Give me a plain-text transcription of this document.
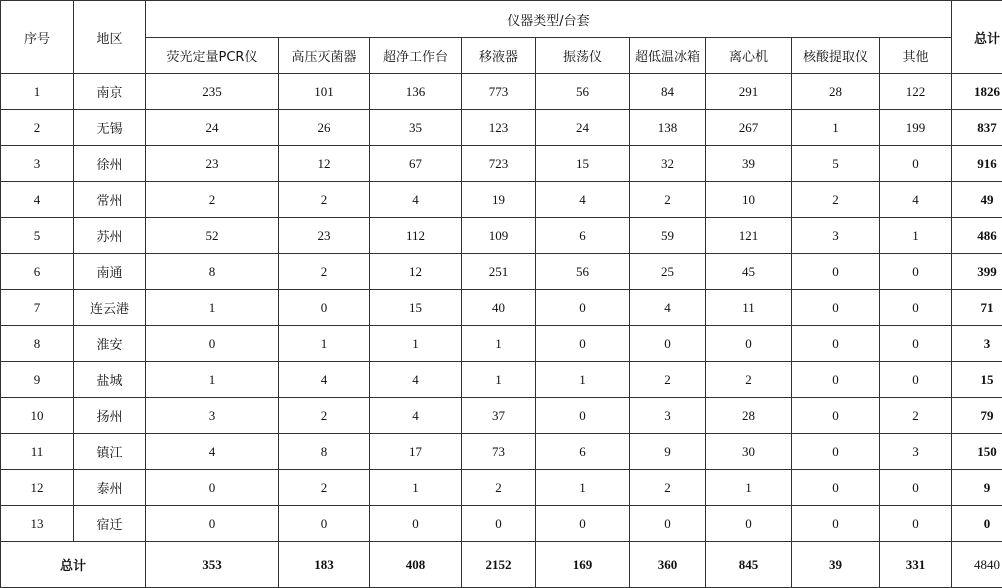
序号	地区	仪器类型/台套									总计
		荧光定量PCR仪	高压灭菌器	超净工作台	移液器	振荡仪	超低温冰箱	离心机	核酸提取仪	其他	
1	南京	235	101	136	773	56	84	291	28	122	1826
2	无锡	24	26	35	123	24	138	267	1	199	837
3	徐州	23	12	67	723	15	32	39	5	0	916
4	常州	2	2	4	19	4	2	10	2	4	49
5	苏州	52	23	112	109	6	59	121	3	1	486
6	南通	8	2	12	251	56	25	45	0	0	399
7	连云港	1	0	15	40	0	4	11	0	0	71
8	淮安	0	1	1	1	0	0	0	0	0	3
9	盐城	1	4	4	1	1	2	2	0	0	15
10	扬州	3	2	4	37	0	3	28	0	2	79
11	镇江	4	8	17	73	6	9	30	0	3	150
12	泰州	0	2	1	2	1	2	1	0	0	9
13	宿迁	0	0	0	0	0	0	0	0	0	0
总计		353	183	408	2152	169	360	845	39	331	4840
